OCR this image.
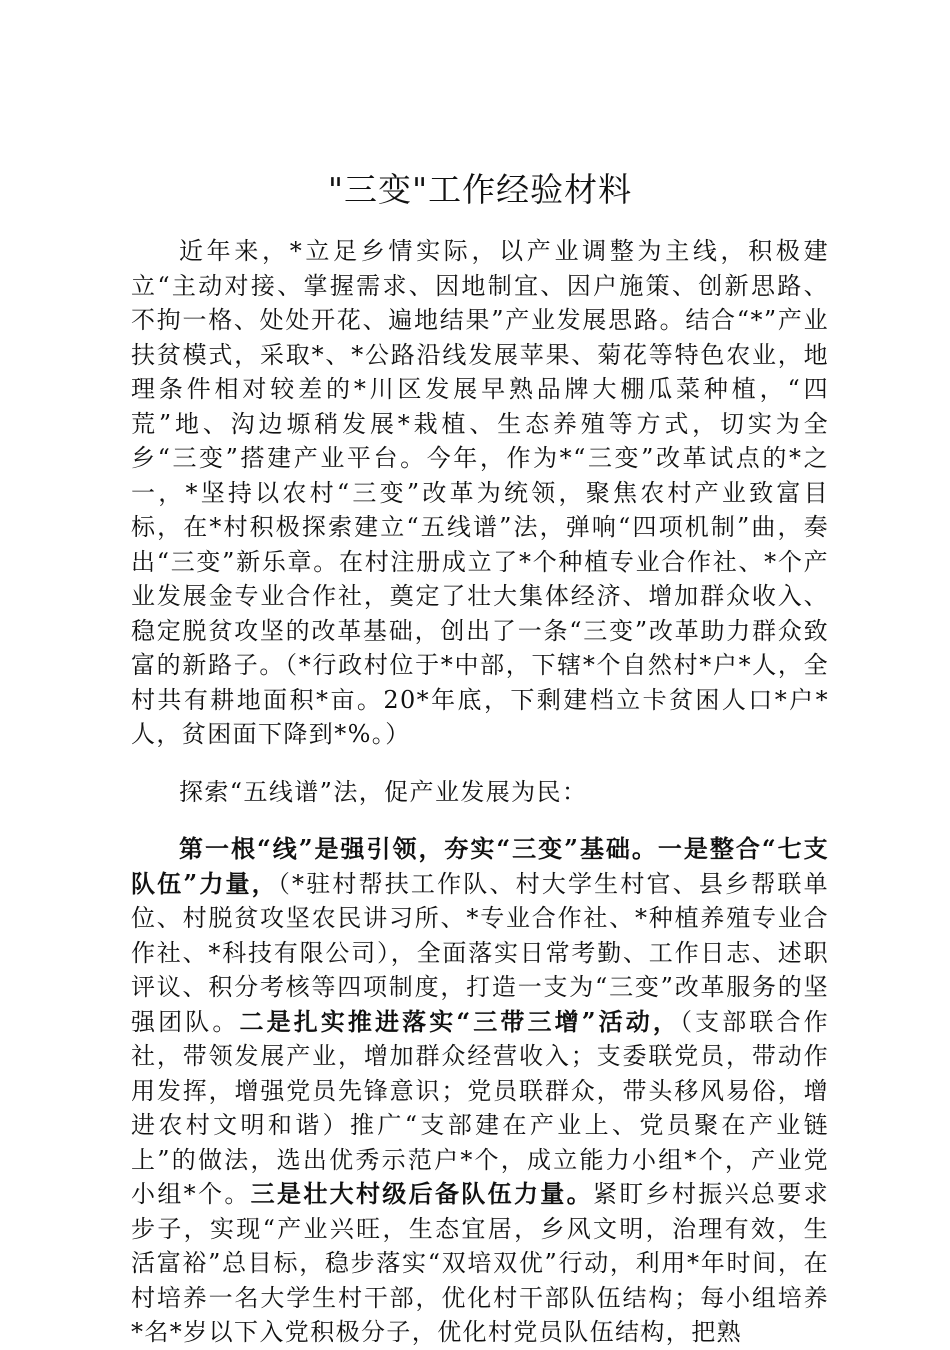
"三变"工作经验材料

近年来，*立足乡情实际，以产业调整为主线，积极建立“主动对接、掌握需求、因地制宜、因户施策、创新思路、不拘一格、处处开花、遍地结果”产业发展思路。结合“*”产业扶贫模式，采取*、*公路沿线发展苹果、菊花等特色农业，地理条件相对较差的*川区发展早熟品牌大棚瓜菜种植，“四荒”地、沟边塬稍发展*栽植、生态养殖等方式，切实为全乡“三变”搭建产业平台。今年，作为*“三变”改革试点的*之一，*坚持以农村“三变”改革为统领，聚焦农村产业致富目标，在*村积极探索建立“五线谱”法，弹响“四项机制”曲，奏出“三变”新乐章。在村注册成立了*个种植专业合作社、*个产业发展金专业合作社，奠定了壮大集体经济、增加群众收入、稳定脱贫攻坚的改革基础，创出了一条“三变”改革助力群众致富的新路子。（*行政村位于*中部，下辖*个自然村*户*人，全村共有耕地面积*亩。20*年底，下剩建档立卡贫困人口*户*人，贫困面下降到*%。）

探索“五线谱”法，促产业发展为民：

第一根“线”是强引领，夯实“三变”基础。一是整合“七支队伍”力量，（*驻村帮扶工作队、村大学生村官、县乡帮联单位、村脱贫攻坚农民讲习所、*专业合作社、*种植养殖专业合作社、*科技有限公司），全面落实日常考勤、工作日志、述职评议、积分考核等四项制度，打造一支为“三变”改革服务的坚强团队。二是扎实推进落实“三带三增”活动，（支部联合作社，带领发展产业，增加群众经营收入；支委联党员，带动作用发挥，增强党员先锋意识；党员联群众，带头移风易俗，增进农村文明和谐）推广“支部建在产业上、党员聚在产业链上”的做法，选出优秀示范户*个，成立能力小组*个，产业党小组*个。三是壮大村级后备队伍力量。紧盯乡村振兴总要求步子，实现“产业兴旺，生态宜居，乡风文明，治理有效，生活富裕”总目标，稳步落实“双培双优”行动，利用*年时间，在村培养一名大学生村干部，优化村干部队伍结构；每小组培养*名*岁以下入党积极分子，优化村党员队伍结构，把熟
